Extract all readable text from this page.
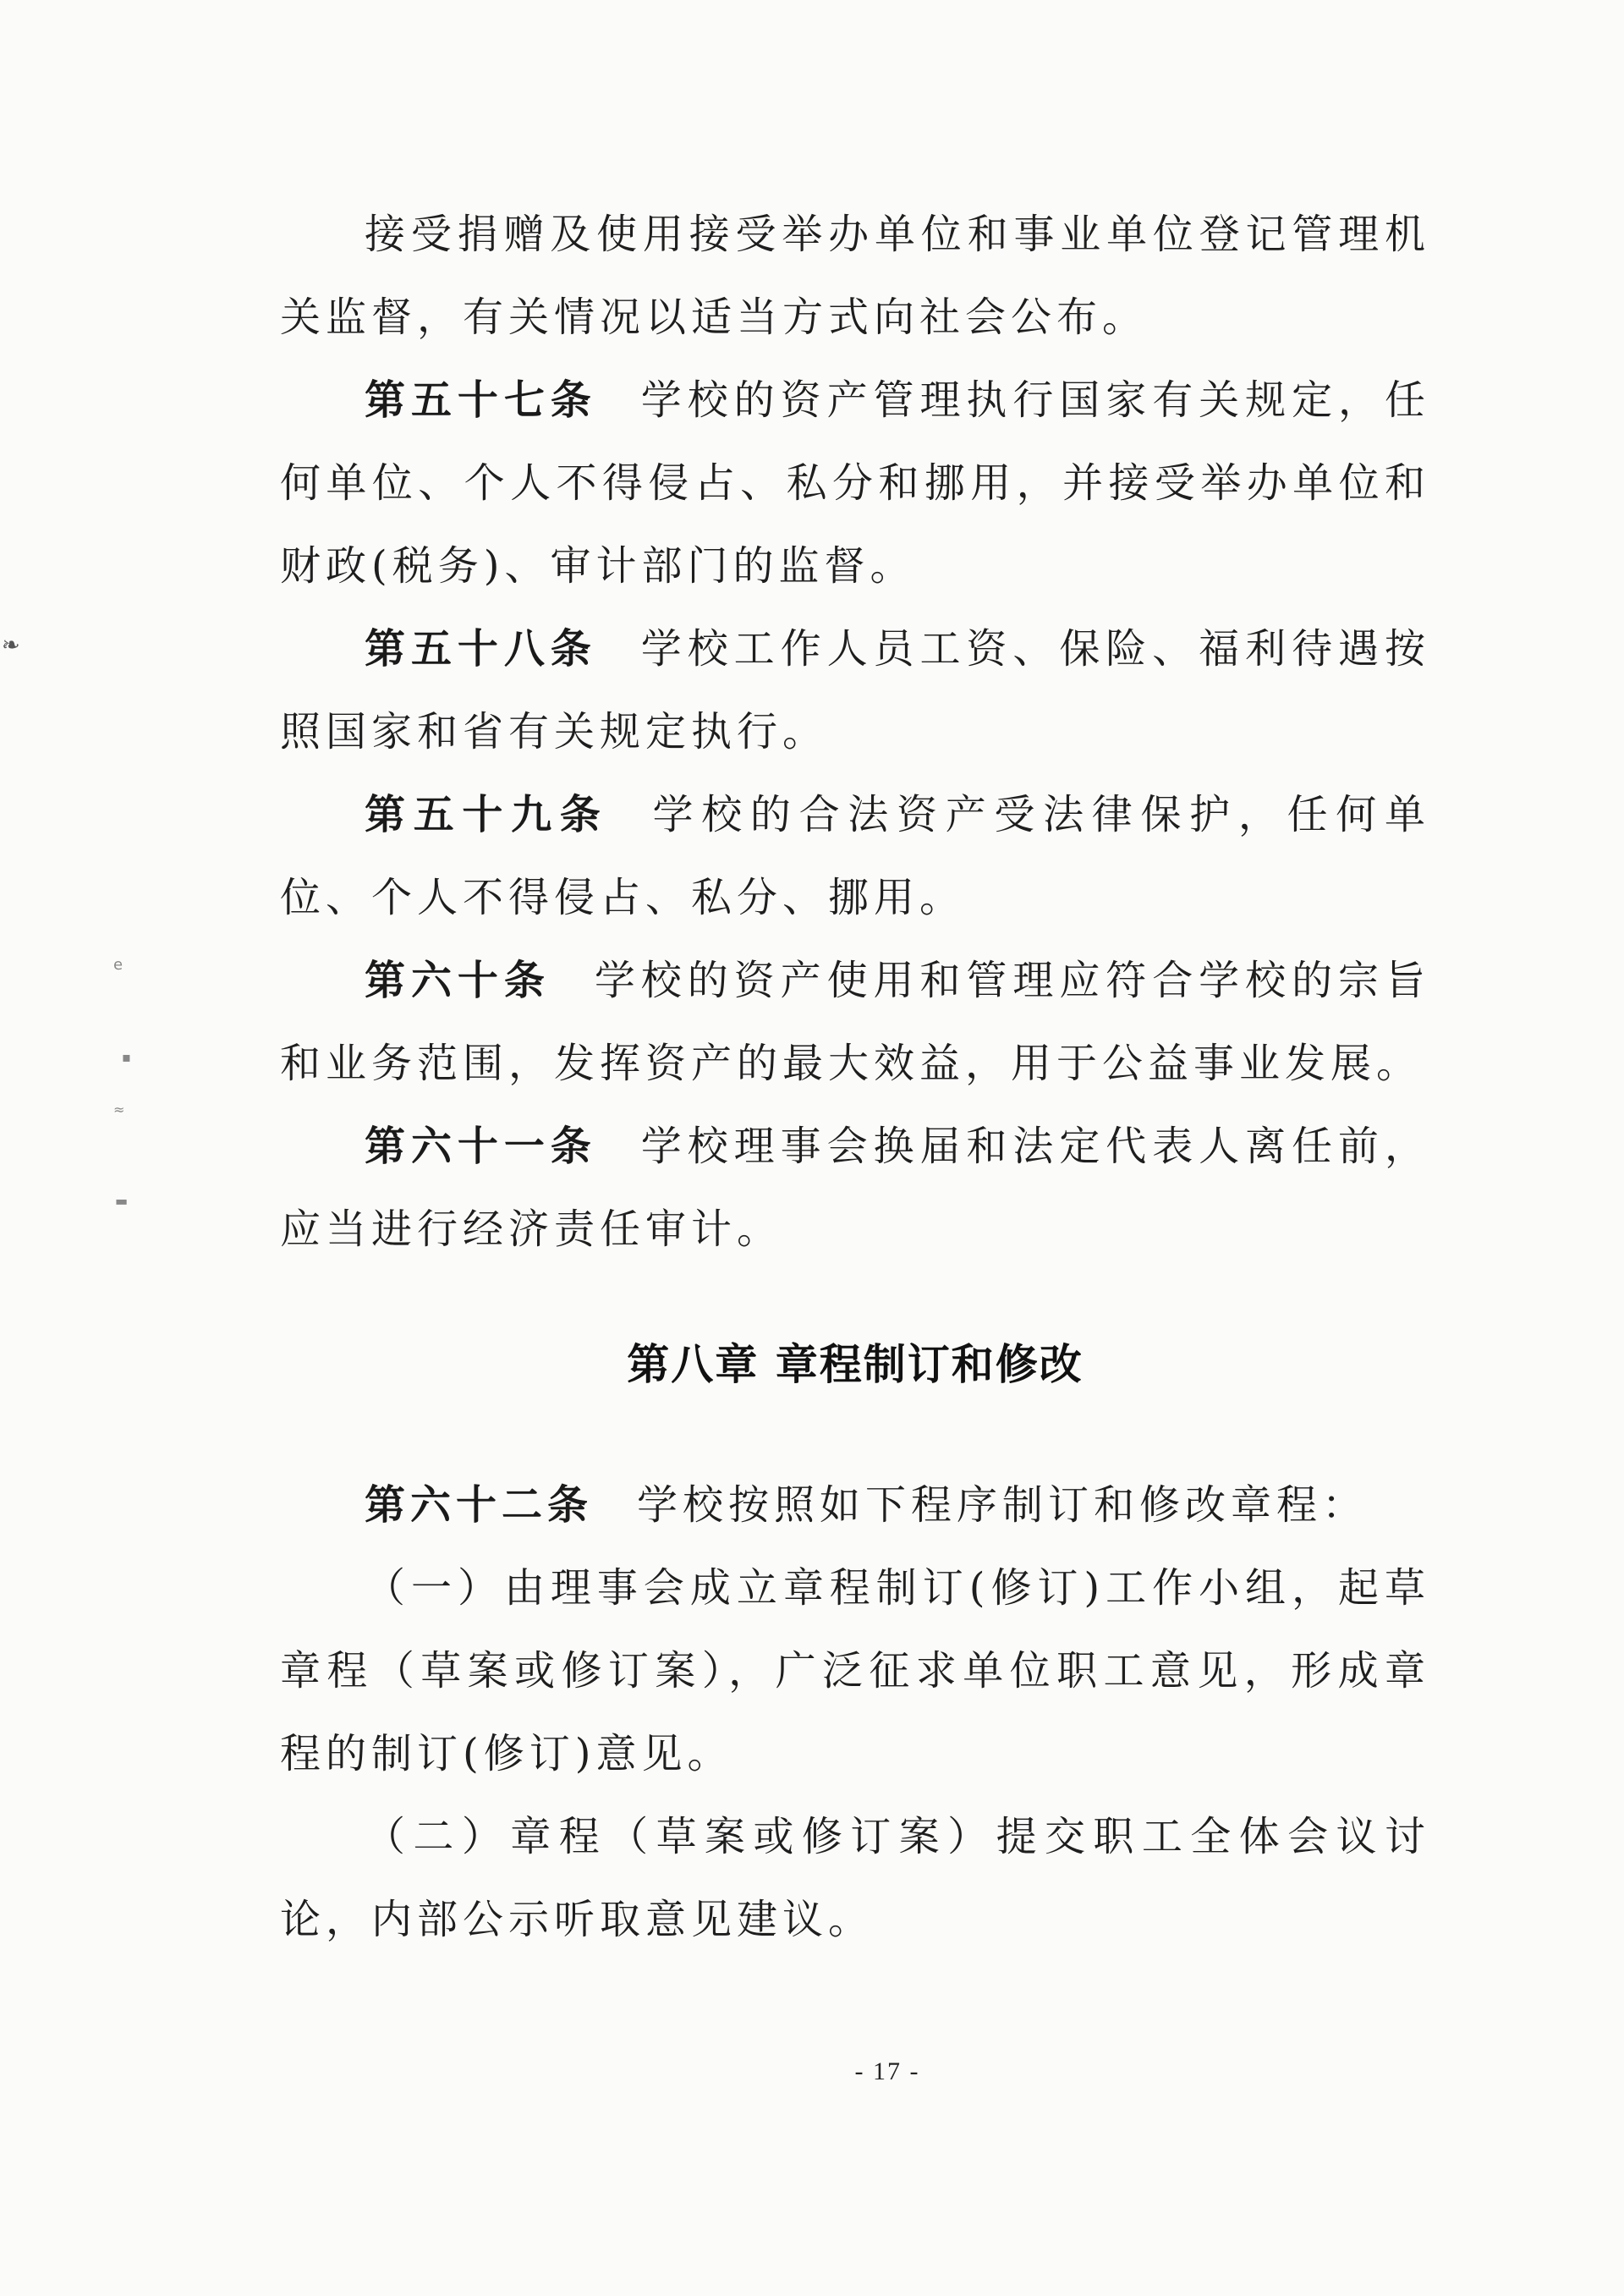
❧
e
▪
≈
▬

接受捐赠及使用接受举办单位和事业单位登记管理机关监督，有关情况以适当方式向社会公布。

第五十七条 学校的资产管理执行国家有关规定，任何单位、个人不得侵占、私分和挪用，并接受举办单位和财政(税务)、审计部门的监督。

第五十八条 学校工作人员工资、保险、福利待遇按照国家和省有关规定执行。

第五十九条 学校的合法资产受法律保护，任何单位、个人不得侵占、私分、挪用。

第六十条 学校的资产使用和管理应符合学校的宗旨和业务范围，发挥资产的最大效益，用于公益事业发展。

第六十一条 学校理事会换届和法定代表人离任前，应当进行经济责任审计。

第八章 章程制订和修改

第六十二条 学校按照如下程序制订和修改章程：

（一）由理事会成立章程制订(修订)工作小组，起草章程（草案或修订案），广泛征求单位职工意见，形成章程的制订(修订)意见。

（二）章程（草案或修订案）提交职工全体会议讨论，内部公示听取意见建议。

- 17 -
